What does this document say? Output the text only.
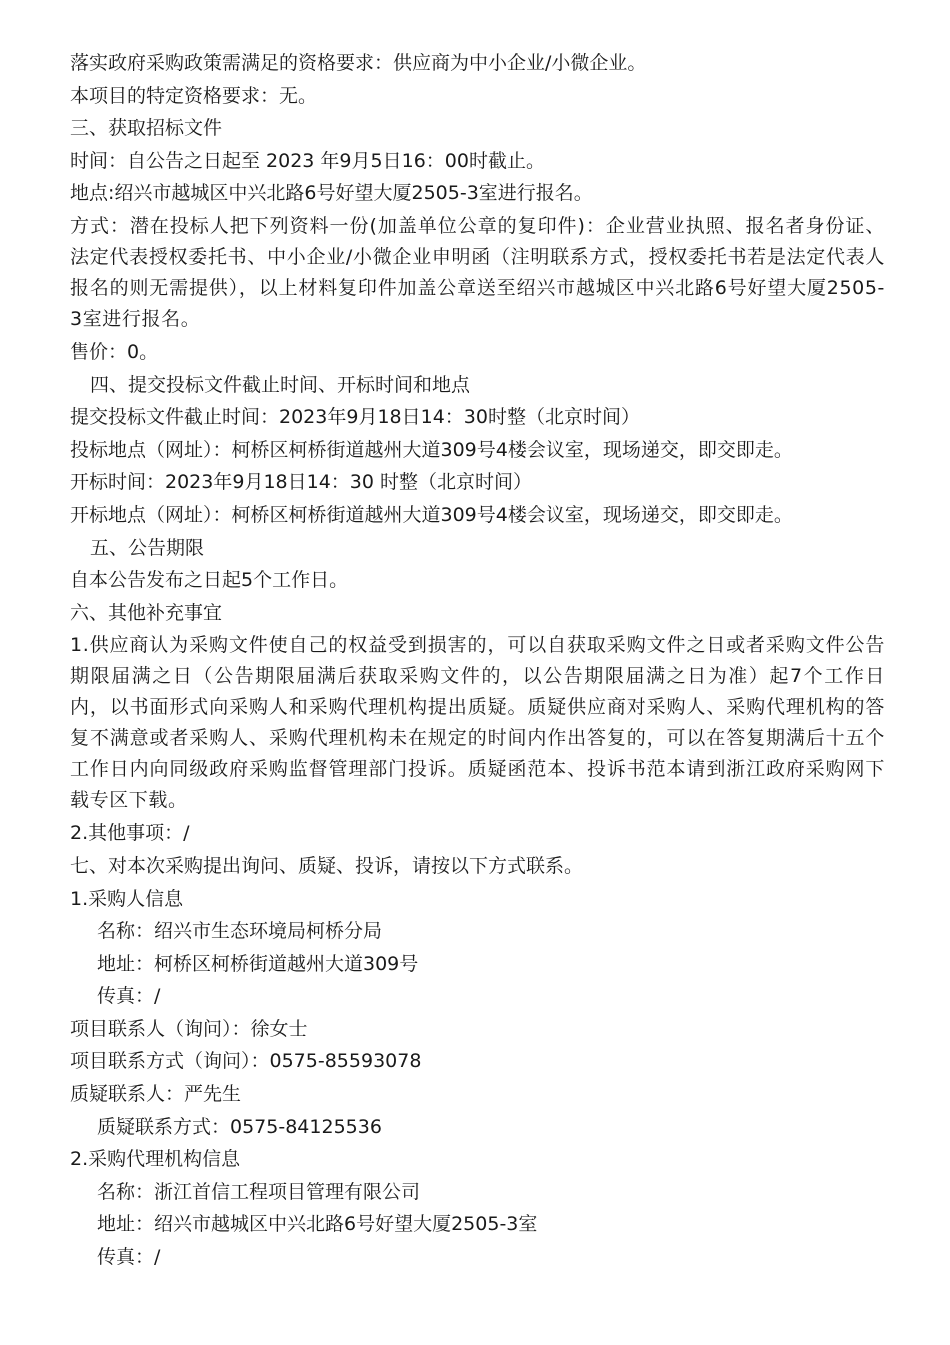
落实政府采购政策需满足的资格要求：供应商为中小企业/小微企业。
本项目的特定资格要求：无。
三、获取招标文件
时间：自公告之日起至 2023 年9月5日16：00时截止。
地点:绍兴市越城区中兴北路6号好望大厦2505-3室进行报名。
方式：潜在投标人把下列资料一份(加盖单位公章的复印件)：企业营业执照、报名者身份证、法定代表授权委托书、中小企业/小微企业申明函（注明联系方式，授权委托书若是法定代表人报名的则无需提供），以上材料复印件加盖公章送至绍兴市越城区中兴北路6号好望大厦2505-3室进行报名。
售价：0。
四、提交投标文件截止时间、开标时间和地点
提交投标文件截止时间：2023年9月18日14：30时整（北京时间）
投标地点（网址）：柯桥区柯桥街道越州大道309号4楼会议室，现场递交，即交即走。
开标时间：2023年9月18日14：30 时整（北京时间）
开标地点（网址）：柯桥区柯桥街道越州大道309号4楼会议室，现场递交，即交即走。
五、公告期限
自本公告发布之日起5个工作日。
六、其他补充事宜
1.供应商认为采购文件使自己的权益受到损害的，可以自获取采购文件之日或者采购文件公告期限届满之日（公告期限届满后获取采购文件的，以公告期限届满之日为准）起7个工作日内，以书面形式向采购人和采购代理机构提出质疑。质疑供应商对采购人、采购代理机构的答复不满意或者采购人、采购代理机构未在规定的时间内作出答复的，可以在答复期满后十五个工作日内向同级政府采购监督管理部门投诉。质疑函范本、投诉书范本请到浙江政府采购网下载专区下载。
2.其他事项：/
七、对本次采购提出询问、质疑、投诉，请按以下方式联系。
1.采购人信息
名称：绍兴市生态环境局柯桥分局
地址：柯桥区柯桥街道越州大道309号
传真：/
项目联系人（询问）：徐女士
项目联系方式（询问）：0575-85593078
质疑联系人：严先生
质疑联系方式：0575-84125536
2.采购代理机构信息
名称：浙江首信工程项目管理有限公司
地址：绍兴市越城区中兴北路6号好望大厦2505-3室
传真：/
